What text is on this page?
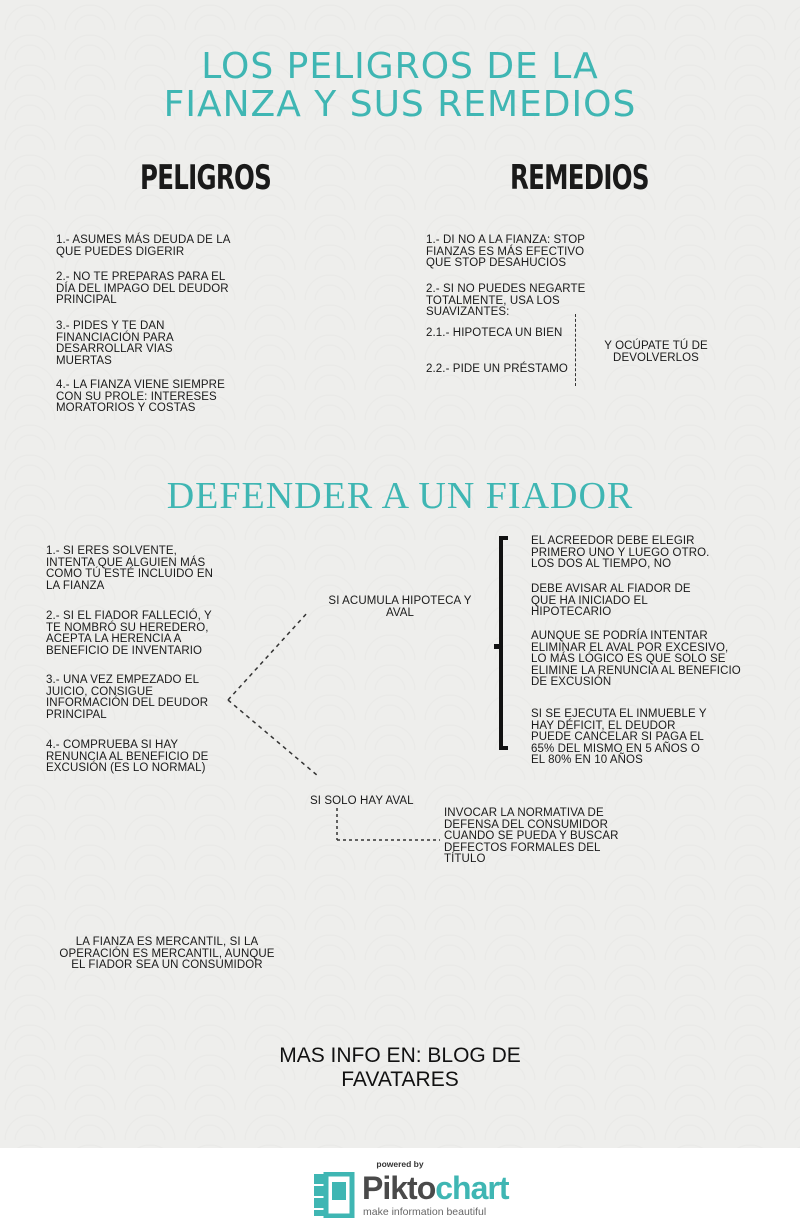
LOS PELIGROS DE LA
FIANZA Y SUS REMEDIOS
PELIGROS	REMEDIOS
1.- ASUMES MÁS DEUDA DE LA QUE PUEDES DIGERIR
2.- NO TE PREPARAS PARA EL DÍA DEL IMPAGO DEL DEUDOR PRINCIPAL
3.- PIDES Y TE DAN FINANCIACIÓN PARA DESARROLLAR VIAS MUERTAS
4.- LA FIANZA VIENE SIEMPRE CON SU PROLE: INTERESES MORATORIOS Y COSTAS
1.- DI NO A LA FIANZA: STOP FIANZAS ES MÁS EFECTIVO QUE STOP DESAHUCIOS
2.- SI NO PUEDES NEGARTE TOTALMENTE, USA LOS SUAVIZANTES:
2.1.- HIPOTECA UN BIEN
2.2.- PIDE UN PRÉSTAMO
Y OCÚPATE TÚ DE DEVOLVERLOS
DEFENDER A UN FIADOR
1.- SI ERES SOLVENTE, INTENTA QUE ALGUIEN MÁS COMO TÚ ESTÉ INCLUIDO EN LA FIANZA
2.- SI EL FIADOR FALLECIÓ, Y TE NOMBRÓ SU HEREDERO, ACEPTA LA HERENCIA A BENEFICIO DE INVENTARIO
3.- UNA VEZ EMPEZADO EL JUICIO, CONSIGUE INFORMACIÓN DEL DEUDOR PRINCIPAL
4.- COMPRUEBA SI HAY RENUNCIA AL BENEFICIO DE EXCUSIÓN (ES LO NORMAL)
SI ACUMULA HIPOTECA Y AVAL
EL ACREEDOR DEBE ELEGIR PRIMERO UNO Y LUEGO OTRO. LOS DOS AL TIEMPO, NO
DEBE AVISAR AL FIADOR DE QUE HA INICIADO EL HIPOTECARIO
AUNQUE SE PODRÍA INTENTAR ELIMINAR EL AVAL POR EXCESIVO, LO MÁS LÓGICO ES QUE SOLO SE ELIMINE LA RENUNCIA AL BENEFICIO DE EXCUSIÓN
SI SE EJECUTA EL INMUEBLE Y HAY DÉFICIT, EL DEUDOR PUEDE CANCELAR SI PAGA EL 65% DEL MISMO EN 5 AÑOS O EL 80% EN 10 AÑOS
SI SOLO HAY AVAL
INVOCAR LA NORMATIVA DE DEFENSA DEL CONSUMIDOR CUANDO SE PUEDA Y BUSCAR DEFECTOS FORMALES DEL TÍTULO
LA FIANZA ES MERCANTIL, SI LA OPERACIÓN ES MERCANTIL, AUNQUE EL FIADOR SEA UN CONSUMIDOR
MAS INFO EN: BLOG DE FAVATARES
powered by
Piktochart
make information beautiful
